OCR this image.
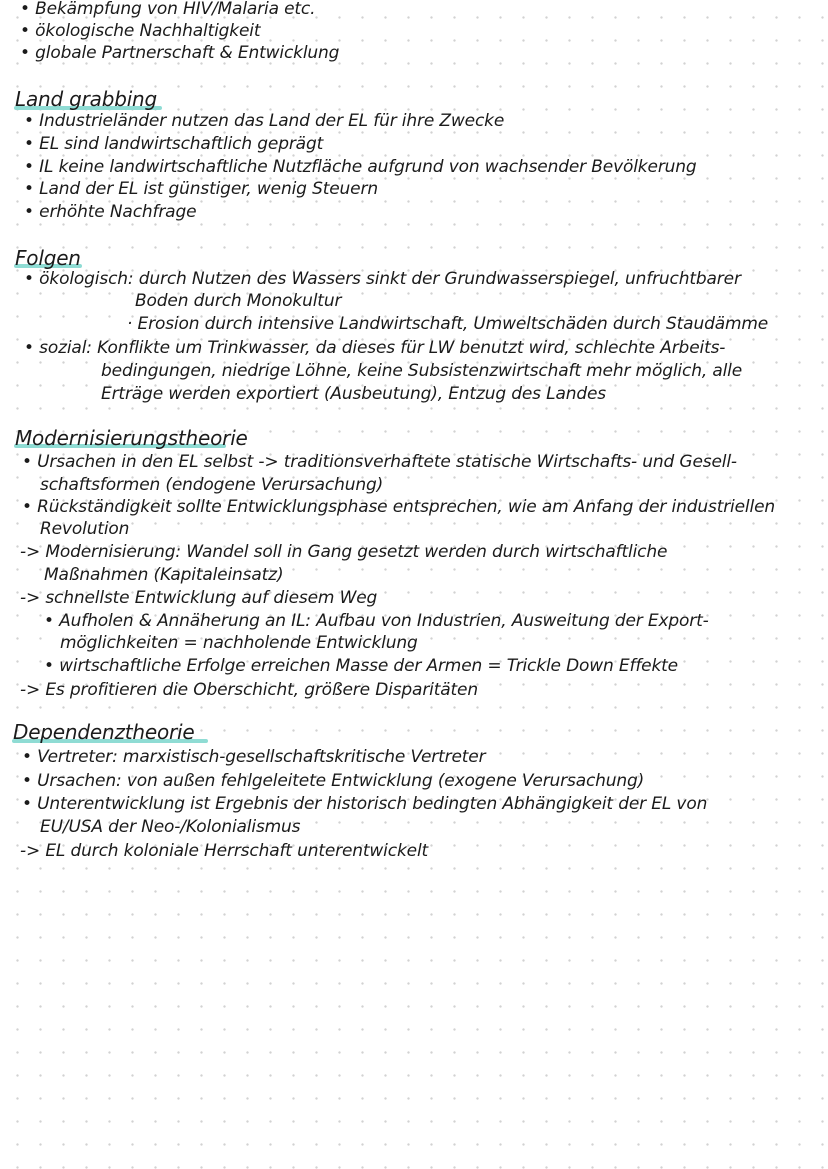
• Bekämpfung von HIV/Malaria etc.
• ökologische Nachhaltigkeit
• globale Partnerschaft & Entwicklung
Land grabbing
• Industrieländer nutzen das Land der EL für ihre Zwecke
• EL sind landwirtschaftlich geprägt
• IL keine landwirtschaftliche Nutzfläche aufgrund von wachsender Bevölkerung
• Land der EL ist günstiger, wenig Steuern
• erhöhte Nachfrage
Folgen
• ökologisch: durch Nutzen des Wassers sinkt der Grundwasserspiegel, unfruchtbarer
Boden durch Monokultur
· Erosion durch intensive Landwirtschaft, Umweltschäden durch Staudämme
• sozial: Konflikte um Trinkwasser, da dieses für LW benutzt wird, schlechte Arbeits-
bedingungen, niedrige Löhne, keine Subsistenzwirtschaft mehr möglich, alle
Erträge werden exportiert (Ausbeutung), Entzug des Landes
Modernisierungstheorie
• Ursachen in den EL selbst -> traditionsverhaftete statische Wirtschafts- und Gesell-
schaftsformen (endogene Verursachung)
• Rückständigkeit sollte Entwicklungsphase entsprechen, wie am Anfang der industriellen
Revolution
-> Modernisierung: Wandel soll in Gang gesetzt werden durch wirtschaftliche
Maßnahmen (Kapitaleinsatz)
-> schnellste Entwicklung auf diesem Weg
• Aufholen & Annäherung an IL: Aufbau von Industrien, Ausweitung der Export-
möglichkeiten = nachholende Entwicklung
• wirtschaftliche Erfolge erreichen Masse der Armen = Trickle Down Effekte
-> Es profitieren die Oberschicht, größere Disparitäten
Dependenztheorie
• Vertreter: marxistisch-gesellschaftskritische Vertreter
• Ursachen: von außen fehlgeleitete Entwicklung (exogene Verursachung)
• Unterentwicklung ist Ergebnis der historisch bedingten Abhängigkeit der EL von
EU/USA der Neo-/Kolonialismus
-> EL durch koloniale Herrschaft unterentwickelt
